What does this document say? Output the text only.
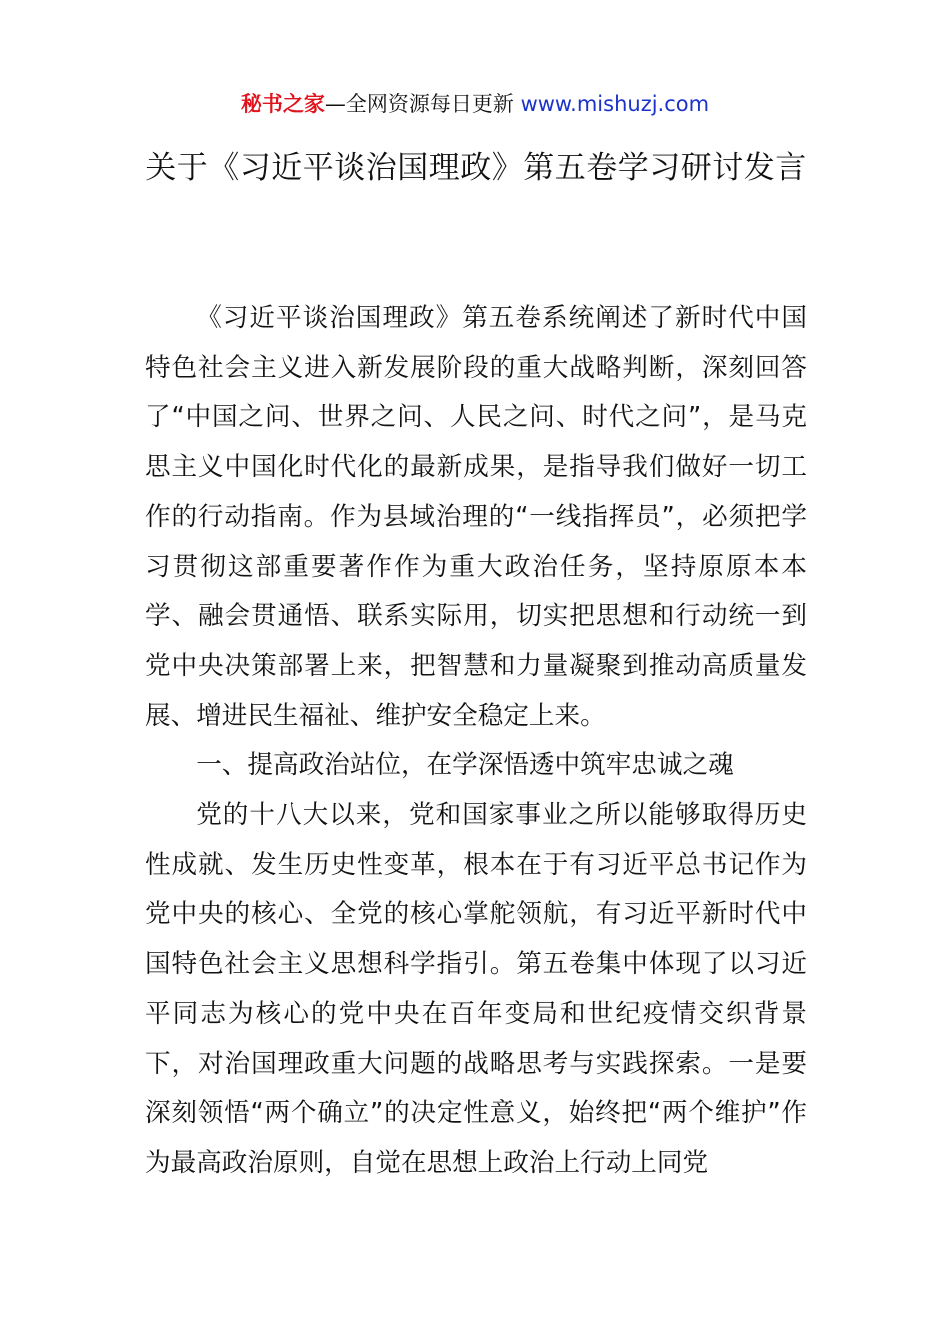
秘书之家—全网资源每日更新 www.mishuzj.com
关于《习近平谈治国理政》第五卷学习研讨发言

《习近平谈治国理政》第五卷系统阐述了新时代中国特色社会主义进入新发展阶段的重大战略判断，深刻回答了“中国之问、世界之问、人民之问、时代之问”，是马克思主义中国化时代化的最新成果，是指导我们做好一切工作的行动指南。作为县域治理的“一线指挥员”，必须把学习贯彻这部重要著作作为重大政治任务，坚持原原本本学、融会贯通悟、联系实际用，切实把思想和行动统一到党中央决策部署上来，把智慧和力量凝聚到推动高质量发展、增进民生福祉、维护安全稳定上来。

一、提高政治站位，在学深悟透中筑牢忠诚之魂

党的十八大以来，党和国家事业之所以能够取得历史性成就、发生历史性变革，根本在于有习近平总书记作为党中央的核心、全党的核心掌舵领航，有习近平新时代中国特色社会主义思想科学指引。第五卷集中体现了以习近平同志为核心的党中央在百年变局和世纪疫情交织背景下，对治国理政重大问题的战略思考与实践探索。一是要深刻领悟“两个确立”的决定性意义，始终把“两个维护”作为最高政治原则，自觉在思想上政治上行动上同党
